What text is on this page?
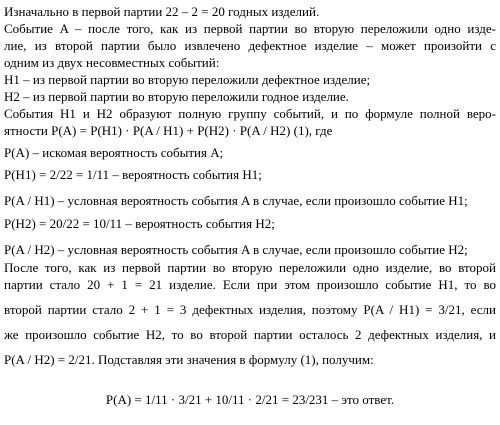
Изначально в первой партии 22 – 2 = 20 годных изделий.
Событие A – после того, как из первой партии во вторую переложили одно изде-
лие, из второй партии было извлечено дефектное изделие – может произойти с
одним из двух несовместных событий:
H1 – из первой партии во вторую переложили дефектное изделие;
H2 – из первой партии во вторую переложили годное изделие.
События H1 и H2 образуют полную группу событий, и по формуле полной веро-
ятности P(A) = P(H1) · P(A / H1) + P(H2) · P(A / H2) (1), где
P(A) – искомая вероятность события A;
P(H1) = 2/22 = 1/11 – вероятность события H1;
P(A / H1) – условная вероятность события A в случае, если произошло событие H1;
P(H2) = 20/22 = 10/11 – вероятность события H2;
P(A / H2) – условная вероятность события A в случае, если произошло событие H2;
После того, как из первой партии во вторую переложили одно изделие, во второй
партии стало 20 + 1 = 21 изделие. Если при этом произошло событие H1, то во
второй партии стало 2 + 1 = 3 дефектных изделия, поэтому P(A / H1) = 3/21, если
же произошло событие H2, то во второй партии осталось 2 дефектных изделия, и
P(A / H2) = 2/21. Подставляя эти значения в формулу (1), получим:
P(A) = 1/11 · 3/21 + 10/11 · 2/21 = 23/231 – это ответ.
